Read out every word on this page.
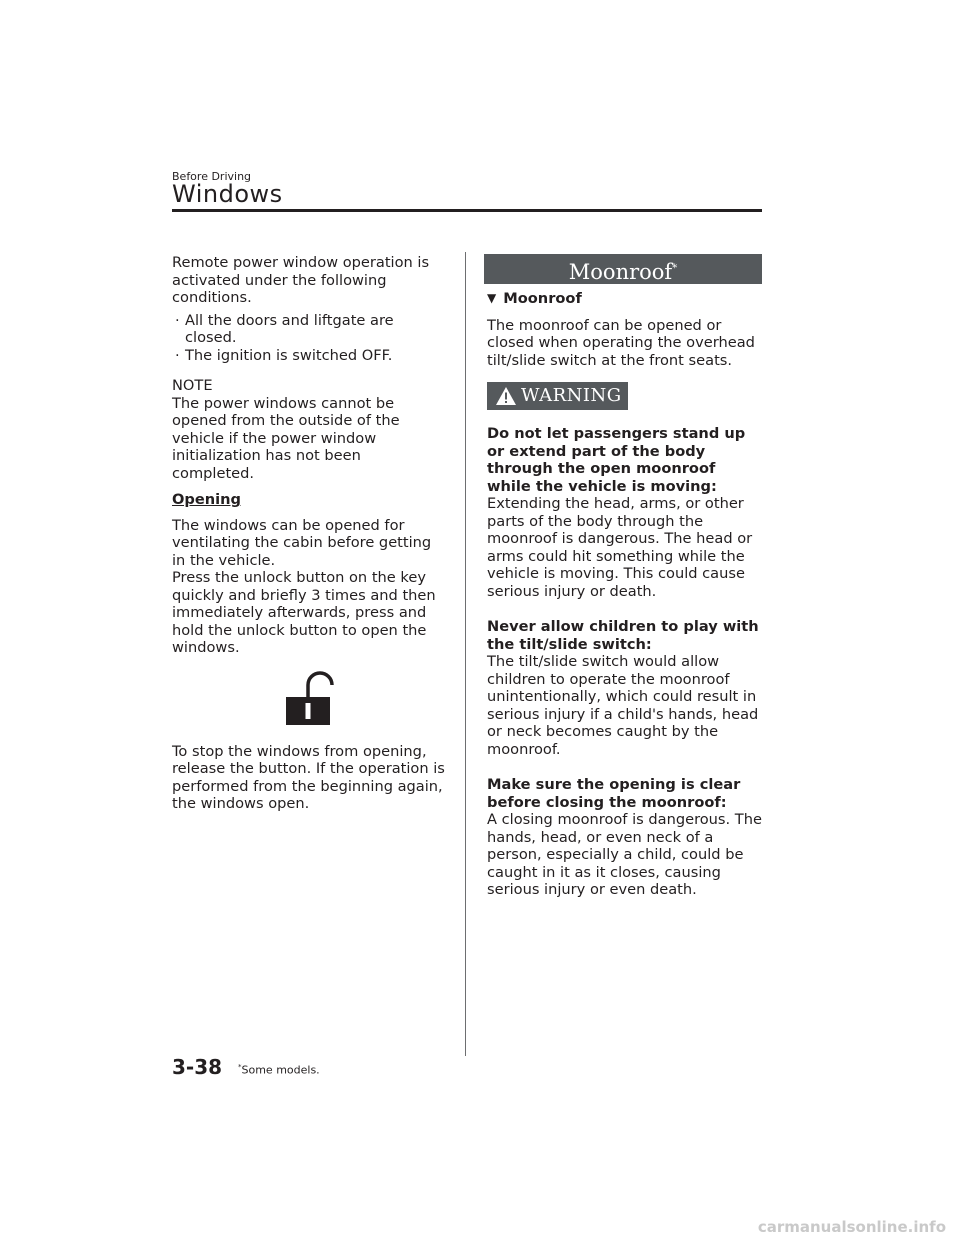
Before Driving
Windows

Remote power window operation is activated under the following conditions.

· All the doors and liftgate are closed.
· The ignition is switched OFF.

NOTE

The power windows cannot be opened from the outside of the vehicle if the power window initialization has not been completed.

Opening

The windows can be opened for ventilating the cabin before getting in the vehicle.

Press the unlock button on the key quickly and briefly 3 times and then immediately afterwards, press and hold the unlock button to open the windows.

To stop the windows from opening, release the button. If the operation is performed from the beginning again, the windows open.

Moonroof*
▼ Moonroof

The moonroof can be opened or closed when operating the overhead tilt/slide switch at the front seats.

WARNING

Do not let passengers stand up or extend part of the body through the open moonroof while the vehicle is moving:

Extending the head, arms, or other parts of the body through the moonroof is dangerous. The head or arms could hit something while the vehicle is moving. This could cause serious injury or death.

Never allow children to play with the tilt/slide switch:

The tilt/slide switch would allow children to operate the moonroof unintentionally, which could result in serious injury if a child's hands, head or neck becomes caught by the moonroof.

Make sure the opening is clear before closing the moonroof:

A closing moonroof is dangerous. The hands, head, or even neck of a person, especially a child, could be caught in it as it closes, causing serious injury or even death.

3-38 *Some models.
carmanualsonline.info
